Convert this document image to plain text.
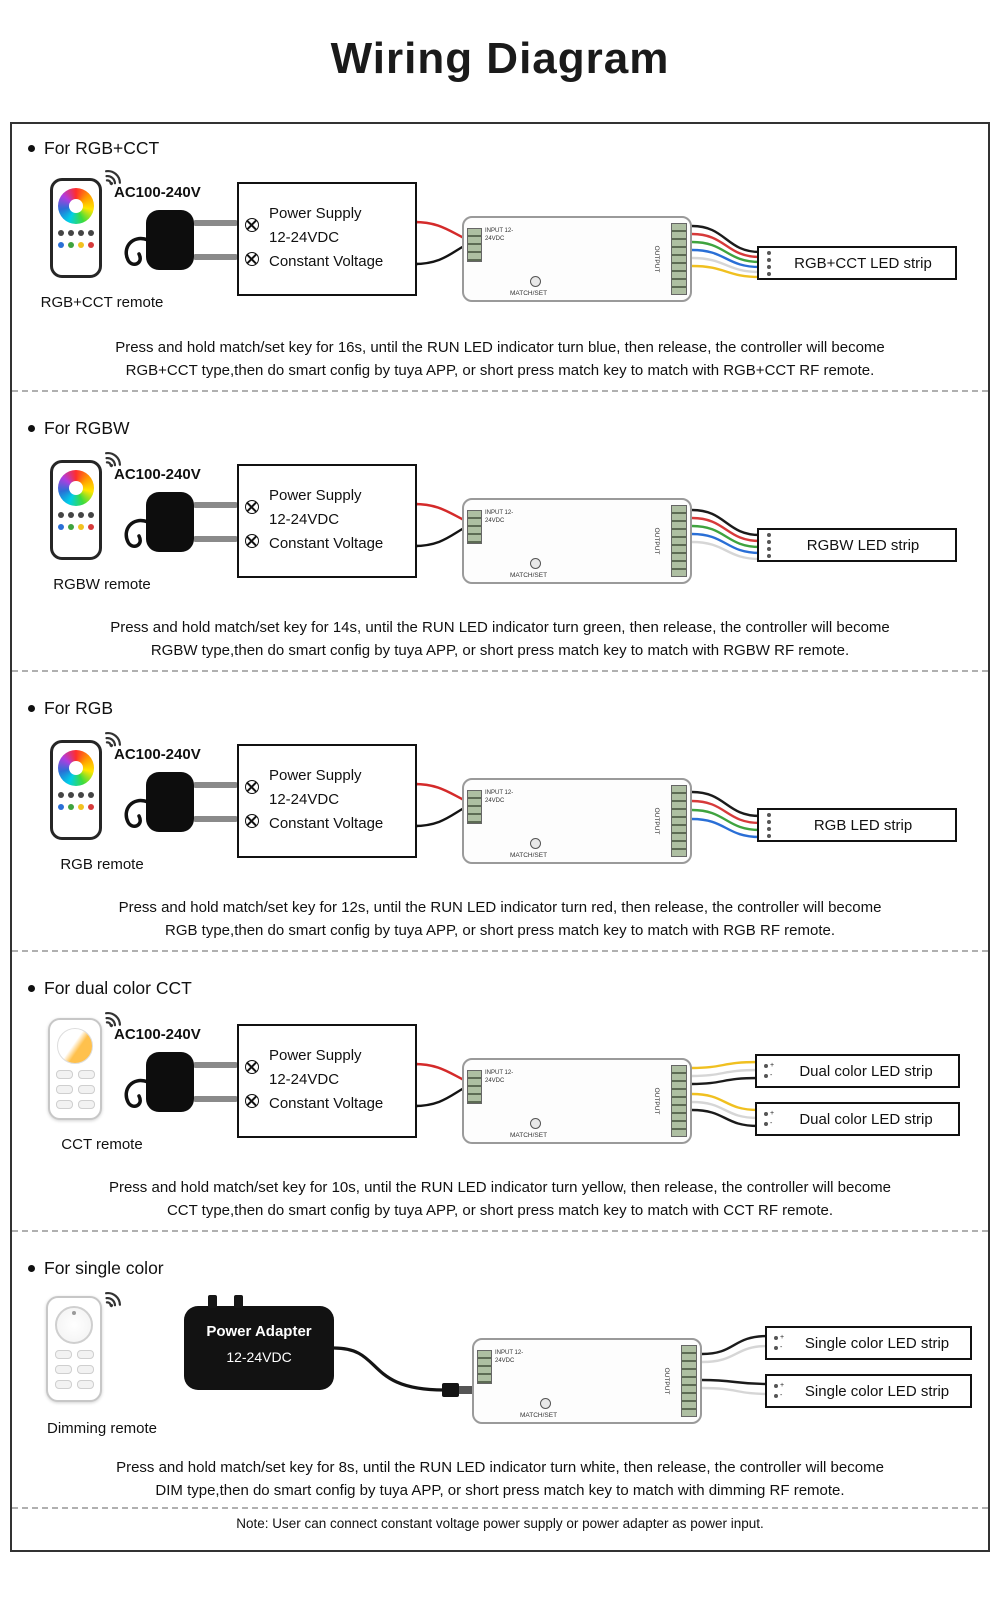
Wiring Diagram
For RGB+CCT
AC100-240V
Power Supply
12-24VDC
Constant Voltage
INPUT 12-24VDC
MATCH/SET
OUTPUT	RGB+CCT LED strip
RGB+CCT remote
Press and hold match/set key for 16s, until the RUN LED indicator turn blue, then release, the controller will become
RGB+CCT type,then do smart config by tuya APP, or short press match key to match with RGB+CCT RF remote.
For RGBW
AC100-240V
Power Supply
12-24VDC
Constant Voltage
INPUT 12-24VDC
MATCH/SET
OUTPUT	RGBW LED strip
RGBW remote
Press and hold match/set key for 14s, until the RUN LED indicator turn green, then release, the controller will become
RGBW type,then do smart config by tuya APP, or short press match key to match with RGBW RF remote.
For RGB
AC100-240V
Power Supply
12-24VDC
Constant Voltage
INPUT 12-24VDC
MATCH/SET
OUTPUT	RGB LED strip
RGB remote
Press and hold match/set key for 12s, until the RUN LED indicator turn red, then release, the controller will become
RGB type,then do smart config by tuya APP, or short press match key to match with RGB RF remote.
For dual color CCT
AC100-240V
Power Supply
12-24VDC
Constant Voltage
INPUT 12-24VDC
MATCH/SET
OUTPUT
+
-	Dual color LED strip
+
-	Dual color LED strip
CCT remote
Press and hold match/set key for 10s, until the RUN LED indicator turn yellow, then release, the controller will become
CCT type,then do smart config by tuya APP, or short press match key to match with CCT RF remote.
For single color
Power Adapter
12-24VDC	INPUT 12-24VDC
MATCH/SET
OUTPUT
+
-	Single color LED strip
+
-	Single color LED strip
Dimming remote
Press and hold match/set key for 8s, until the RUN LED indicator turn white, then release, the controller will become
DIM type,then do smart config by tuya APP, or short press match key to match with dimming RF remote.
Note: User can connect constant voltage power supply or power adapter as power input.
